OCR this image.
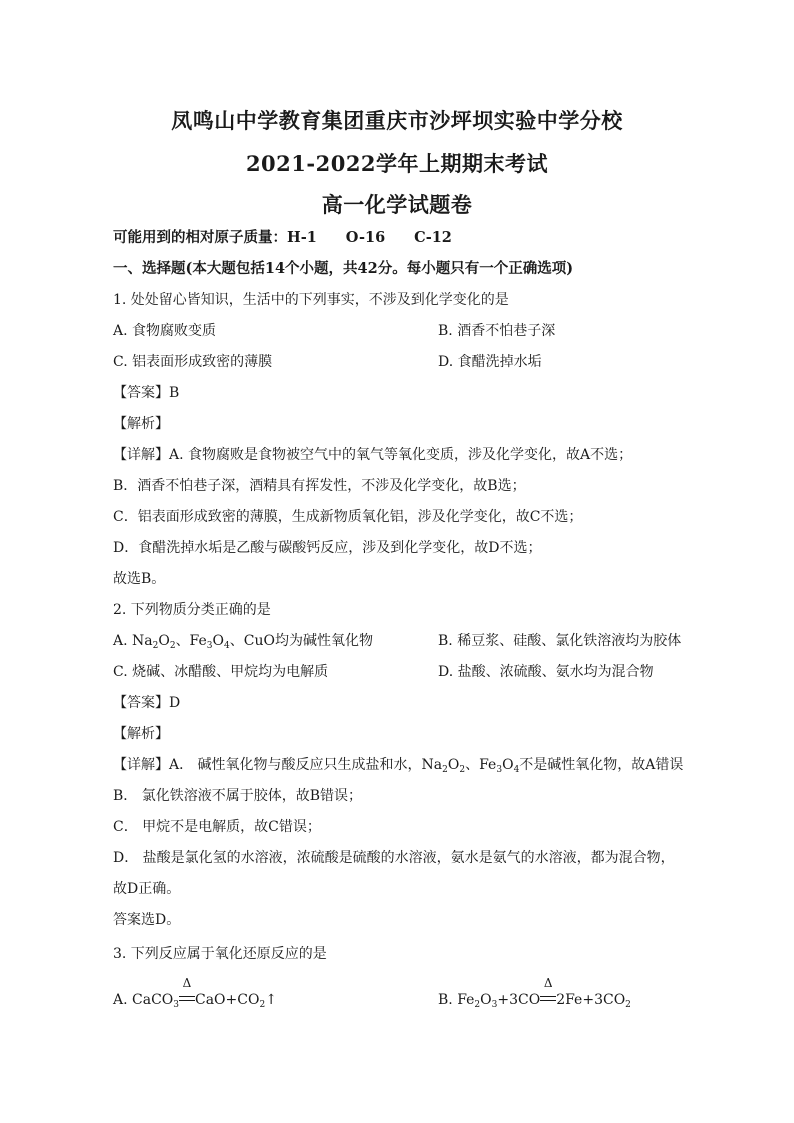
凤鸣山中学教育集团重庆市沙坪坝实验中学分校
2021-2022学年上期期末考试
高一化学试题卷
可能用到的相对原子质量：H-1　　O-16　　C-12
一、选择题(本大题包括14个小题，共42分。每小题只有一个正确选项)
1. 处处留心皆知识，生活中的下列事实，不涉及到化学变化的是
A. 食物腐败变质	B. 酒香不怕巷子深
C. 铝表面形成致密的薄膜	D. 食醋洗掉水垢
【答案】B
【解析】
【详解】A. 食物腐败是食物被空气中的氧气等氧化变质，涉及化学变化，故A不选；
B．酒香不怕巷子深，酒精具有挥发性，不涉及化学变化，故B选；
C．铝表面形成致密的薄膜，生成新物质氧化铝，涉及化学变化，故C不选；
D．食醋洗掉水垢是乙酸与碳酸钙反应，涉及到化学变化，故D不选；
故选B。
2. 下列物质分类正确的是
A. $Na_2O_2$、$Fe_3O_4$、CuO均为碱性氧化物	B. 稀豆浆、硅酸、氯化铁溶液均为胶体
C. 烧碱、冰醋酸、甲烷均为电解质	D. 盐酸、浓硫酸、氨水均为混合物
【答案】D
【解析】
【详解】A． 碱性氧化物与酸反应只生成盐和水，$Na_2O_2$、$Fe_3O_4$不是碱性氧化物，故A错误
B． 氯化铁溶液不属于胶体，故B错误；
C． 甲烷不是电解质，故C错误；
D． 盐酸是氯化氢的水溶液，浓硫酸是硫酸的水溶液，氨水是氨气的水溶液，都为混合物，
故D正确。
答案选D。
3. 下列反应属于氧化还原反应的是
A. CaCO$_3$
Δ
$CaO+CO_2↑$	B. $Fe_2O_3+3CO$
Δ
$2Fe+3CO_2$
